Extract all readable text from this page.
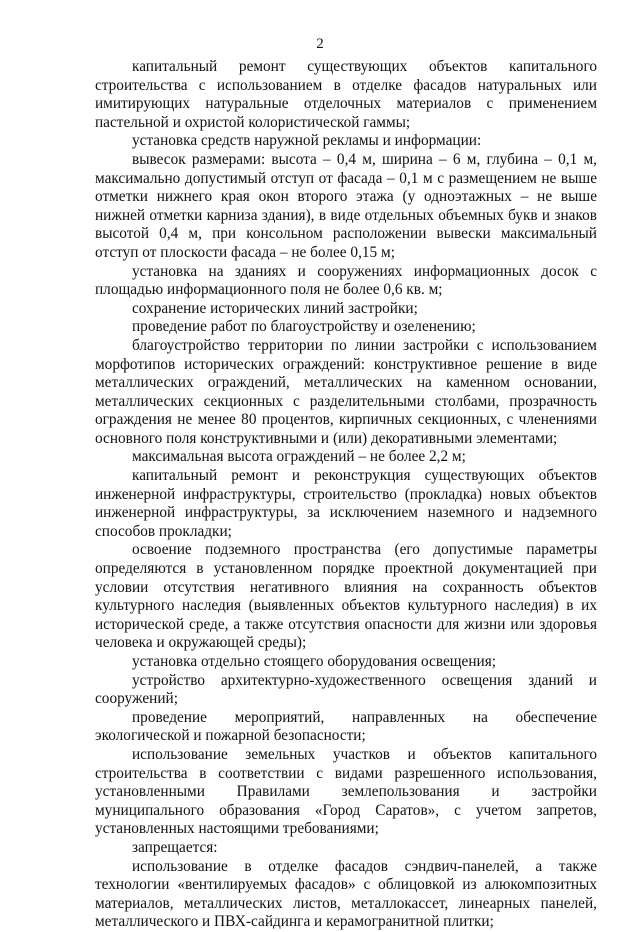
2

капитальный ремонт существующих объектов капитального строительства с использованием в отделке фасадов натуральных или имитирующих натуральные отделочных материалов с применением пастельной и охристой колористической гаммы;

установка средств наружной рекламы и информации:

вывесок размерами: высота – 0,4 м, ширина – 6 м, глубина – 0,1 м, максимально допустимый отступ от фасада – 0,1 м с размещением не выше отметки нижнего края окон второго этажа (у одноэтажных – не выше нижней отметки карниза здания), в виде отдельных объемных букв и знаков высотой 0,4 м, при консольном расположении вывески максимальный отступ от плоскости фасада – не более 0,15 м;

установка на зданиях и сооружениях информационных досок с площадью информационного поля не более 0,6 кв. м;

сохранение исторических линий застройки;

проведение работ по благоустройству и озеленению;

благоустройство территории по линии застройки с использованием морфотипов исторических ограждений: конструктивное решение в виде металлических ограждений, металлических на каменном основании, металлических секционных с разделительными столбами, прозрачность ограждения не менее 80 процентов, кирпичных секционных, с членениями основного поля конструктивными и (или) декоративными элементами;

максимальная высота ограждений – не более 2,2 м;

капитальный ремонт и реконструкция существующих объектов инженерной инфраструктуры, строительство (прокладка) новых объектов инженерной инфраструктуры, за исключением наземного и надземного способов прокладки;

освоение подземного пространства (его допустимые параметры определяются в установленном порядке проектной документацией при условии отсутствия негативного влияния на сохранность объектов культурного наследия (выявленных объектов культурного наследия) в их исторической среде, а также отсутствия опасности для жизни или здоровья человека и окружающей среды);

установка отдельно стоящего оборудования освещения;

устройство архитектурно-художественного освещения зданий и сооружений;

проведение мероприятий, направленных на обеспечение экологической и пожарной безопасности;

использование земельных участков и объектов капитального строительства в соответствии с видами разрешенного использования, установленными Правилами землепользования и застройки муниципального образования «Город Саратов», с учетом запретов, установленных настоящими требованиями;

запрещается:

использование в отделке фасадов сэндвич-панелей, а также технологии «вентилируемых фасадов» с облицовкой из алюкомпозитных материалов, металлических листов, металлокассет, линеарных панелей, металлического и ПВХ-сайдинга и керамогранитной плитки;
